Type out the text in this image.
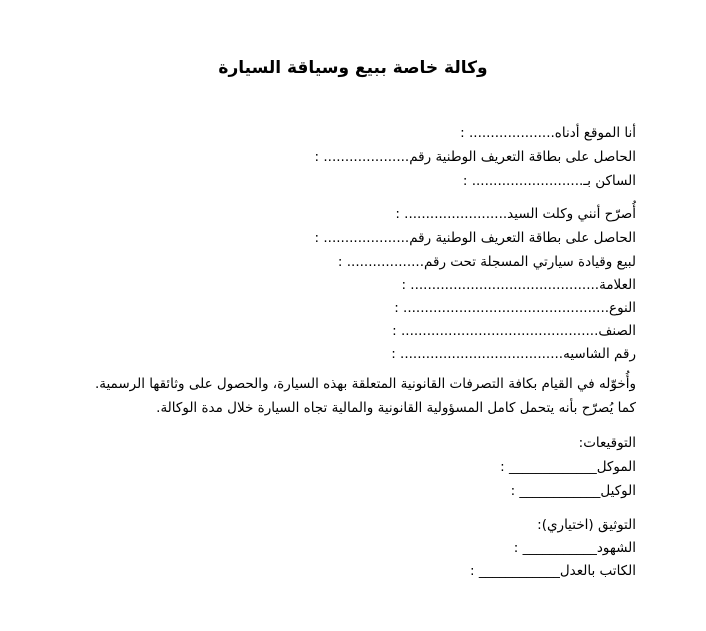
وكالة خاصة ببيع وسياقة السيارة
أنا الموقع أدناه.................... :
الحاصل على بطاقة التعريف الوطنية رقم.................... :
الساكن بـ.......................... :
أُصرّح أنني وكلت السيد........................ :
الحاصل على بطاقة التعريف الوطنية رقم.................... :
لبيع وقيادة سيارتي المسجلة تحت رقم.................. :
العلامة............................................ :
النوع................................................ :
الصنف.............................................. :
رقم الشاسيه...................................... :
وأُخوّله في القيام بكافة التصرفات القانونية المتعلقة بهذه السيارة، والحصول على وثائقها الرسمية.
كما يُصرّح بأنه يتحمل كامل المسؤولية القانونية والمالية تجاه السيارة خلال مدة الوكالة.
التوقيعات:
الموكل_____________ :
الوكيل____________ :
التوثيق (اختياري):
الشهود___________ :
الكاتب بالعدل____________ :
